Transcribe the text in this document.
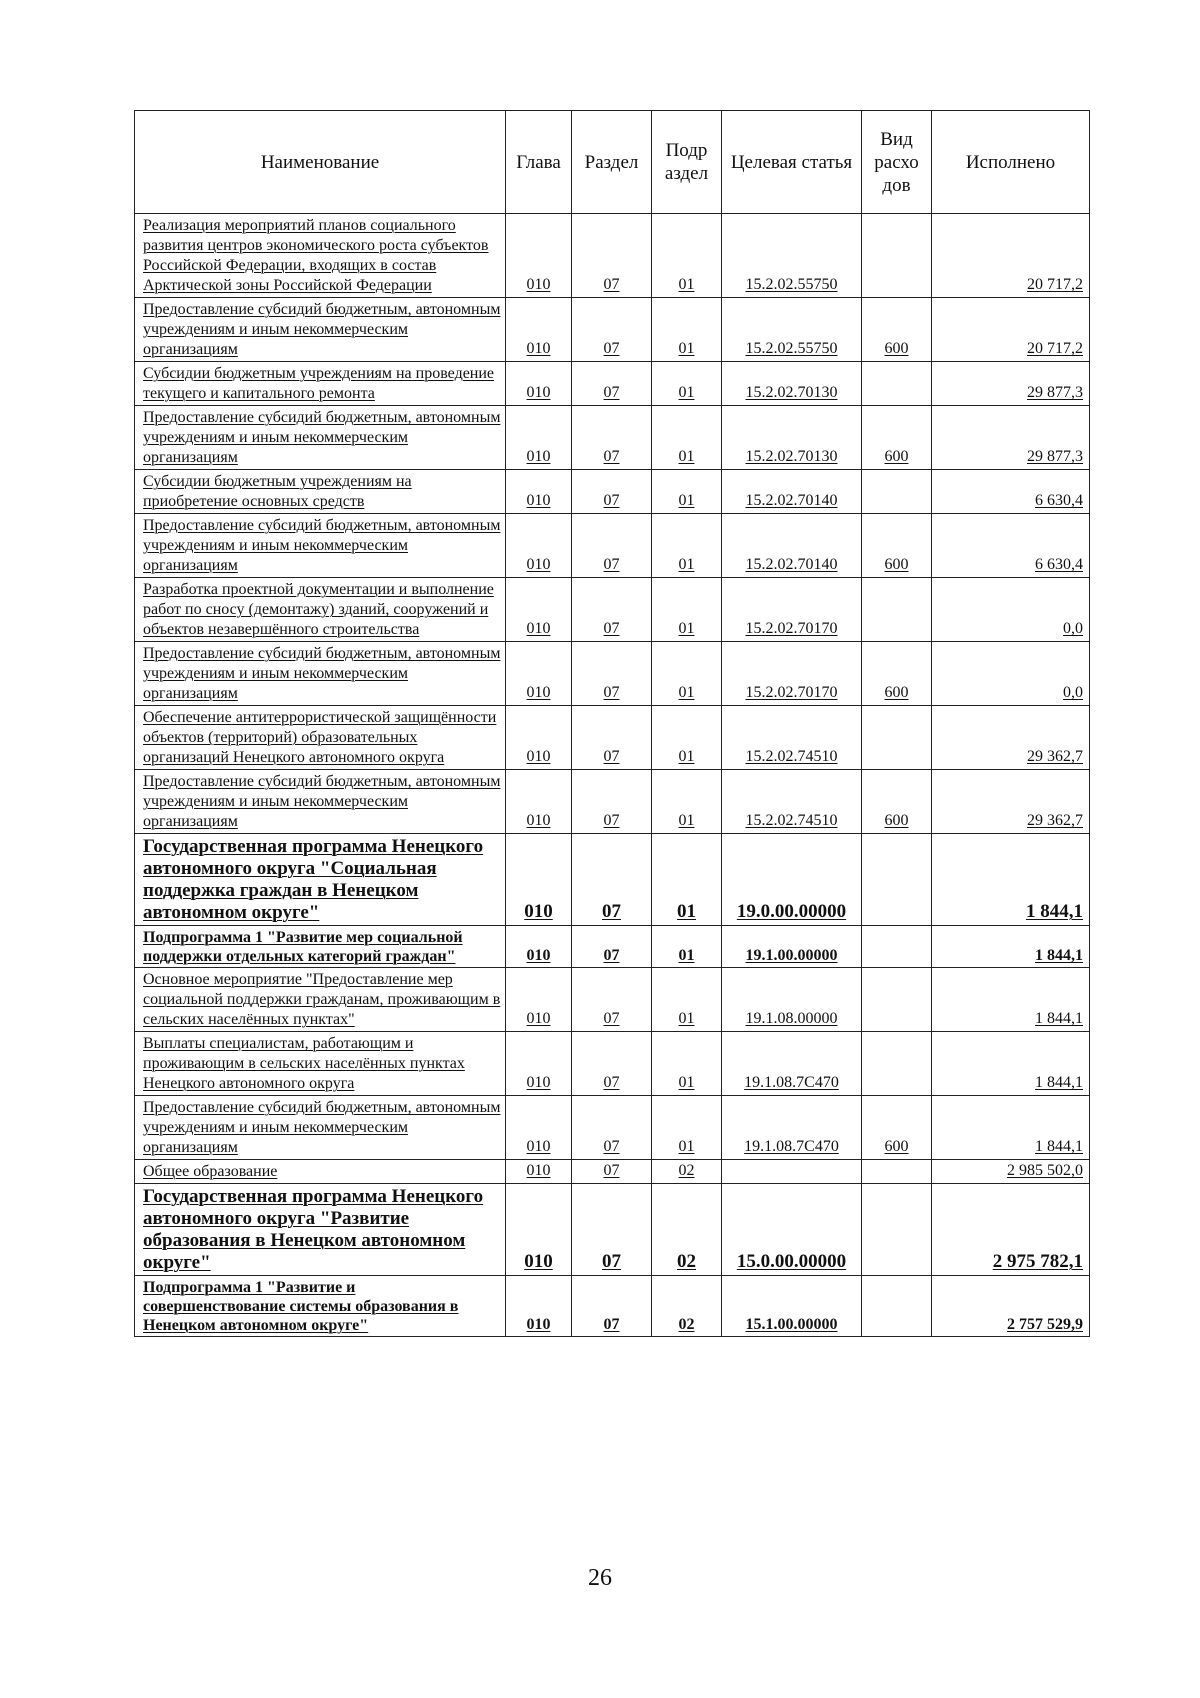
Наименование	Глава	Раздел	Подр аздел	Целевая статья	Вид расхо дов	Исполнено
Реализация мероприятий планов социального развития центров экономического роста субъектов Российской Федерации, входящих в состав Арктической зоны Российской Федерации	010	07	01	15.2.02.55750		20 717,2
Предоставление субсидий бюджетным, автономным учреждениям и иным некоммерческим организациям	010	07	01	15.2.02.55750	600	20 717,2
Субсидии бюджетным учреждениям на проведение текущего и капитального ремонта	010	07	01	15.2.02.70130		29 877,3
Предоставление субсидий бюджетным, автономным учреждениям и иным некоммерческим организациям	010	07	01	15.2.02.70130	600	29 877,3
Субсидии бюджетным учреждениям на приобретение основных средств	010	07	01	15.2.02.70140		6 630,4
Предоставление субсидий бюджетным, автономным учреждениям и иным некоммерческим организациям	010	07	01	15.2.02.70140	600	6 630,4
Разработка проектной документации и выполнение работ по сносу (демонтажу) зданий, сооружений и объектов незавершённого строительства	010	07	01	15.2.02.70170		0,0
Предоставление субсидий бюджетным, автономным учреждениям и иным некоммерческим организациям	010	07	01	15.2.02.70170	600	0,0
Обеспечение антитеррористической защищённости объектов (территорий) образовательных организаций Ненецкого автономного округа	010	07	01	15.2.02.74510		29 362,7
Предоставление субсидий бюджетным, автономным учреждениям и иным некоммерческим организациям	010	07	01	15.2.02.74510	600	29 362,7
Государственная программа Ненецкого автономного округа "Социальная поддержка граждан в Ненецком автономном округе"	010	07	01	19.0.00.00000		1 844,1
Подпрограмма 1 "Развитие мер социальной поддержки отдельных категорий граждан"	010	07	01	19.1.00.00000		1 844,1
Основное мероприятие "Предоставление мер социальной поддержки гражданам, проживающим в сельских населённых пунктах"	010	07	01	19.1.08.00000		1 844,1
Выплаты специалистам, работающим и проживающим в сельских населённых пунктах Ненецкого автономного округа	010	07	01	19.1.08.7С470		1 844,1
Предоставление субсидий бюджетным, автономным учреждениям и иным некоммерческим организациям	010	07	01	19.1.08.7С470	600	1 844,1
Общее образование	010	07	02			2 985 502,0
Государственная программа Ненецкого автономного округа "Развитие образования в Ненецком автономном округе"	010	07	02	15.0.00.00000		2 975 782,1
Подпрограмма 1 "Развитие и совершенствование системы образования в Ненецком автономном округе"	010	07	02	15.1.00.00000		2 757 529,9
26
